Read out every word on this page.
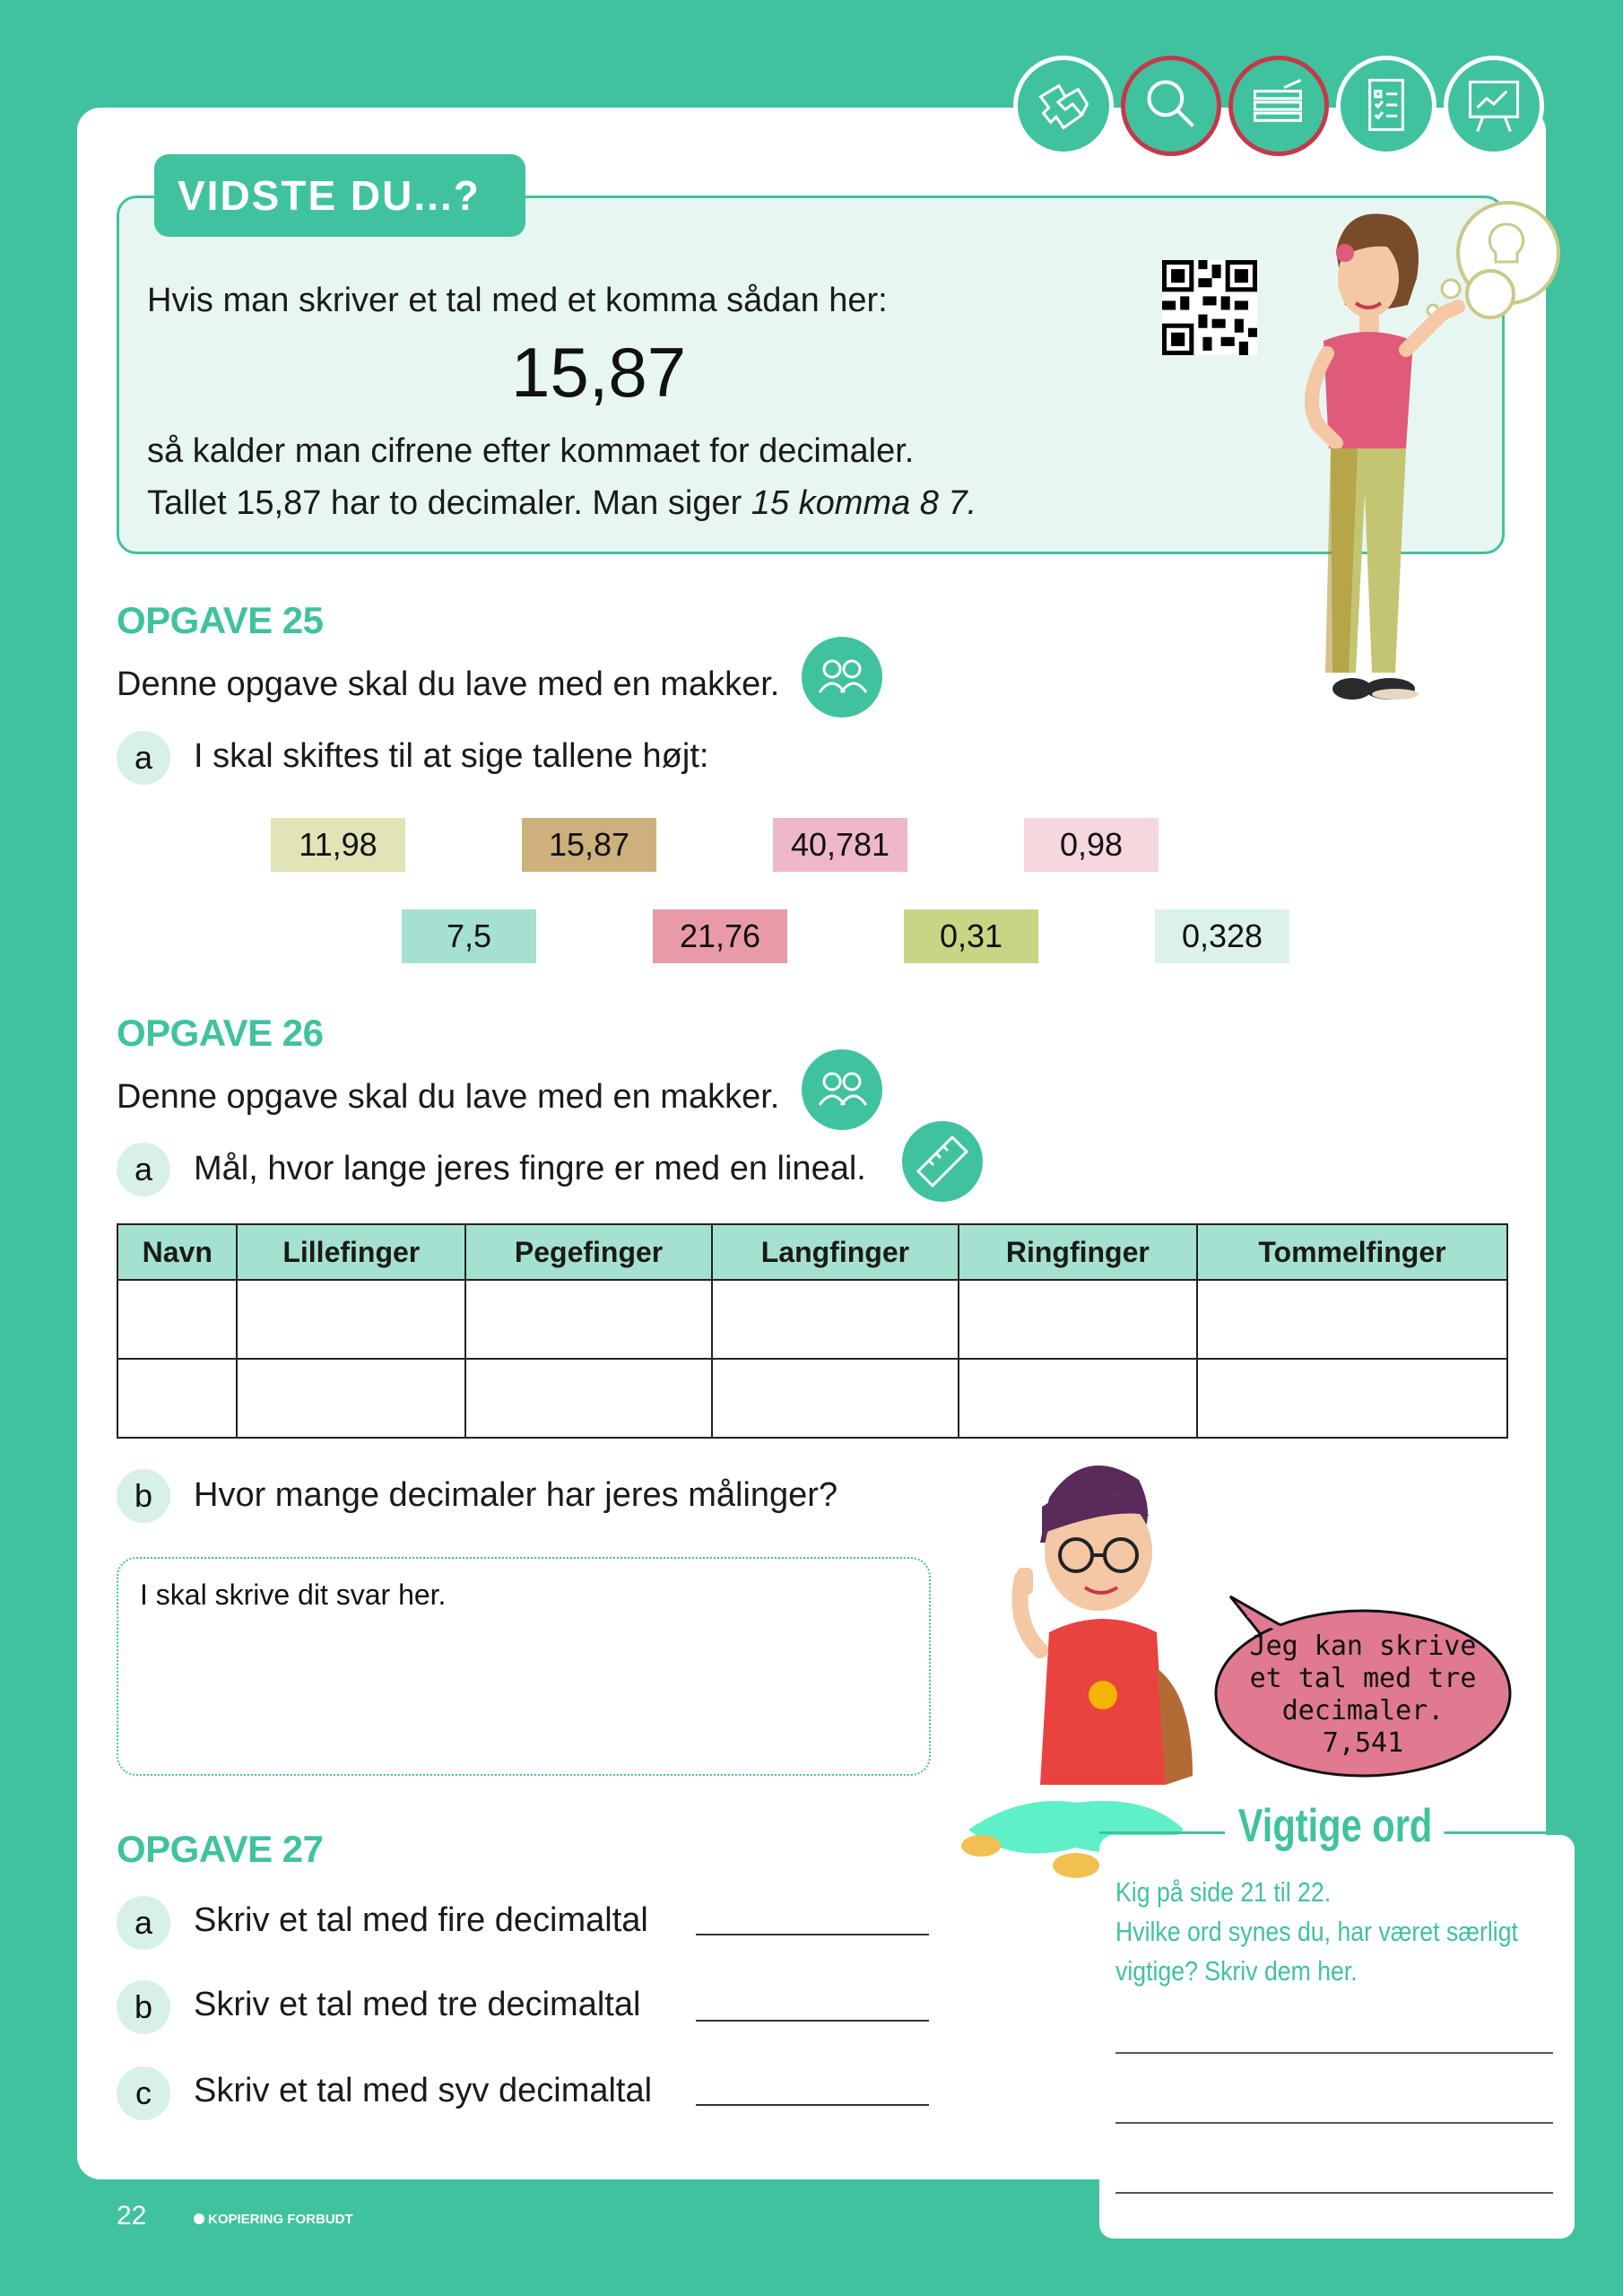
VIDSTE DU...?
Hvis man skriver et tal med et komma sådan her:
15,87
så kalder man cifrene efter kommaet for decimaler.
Tallet 15,87 har to decimaler. Man siger 15 komma 8 7.
OPGAVE 25
Denne opgave skal du lave med en makker.
a	I skal skiftes til at sige tallene højt:
11,98	15,87	40,781	0,98
7,5	21,76	0,31	0,328
OPGAVE 26
Denne opgave skal du lave med en makker.
a	Mål, hvor lange jeres fingre er med en lineal.
Navn	Lillefinger	Pegefinger	Langfinger	Ringfinger	Tommelfinger

b	Hvor mange decimaler har jeres målinger?
I skal skrive dit svar her.
Jeg kan skrive
et tal med tre
decimaler.
7,541
OPGAVE 27
a	Skriv et tal med fire decimaltal
b	Skriv et tal med tre decimaltal
c	Skriv et tal med syv decimaltal
Vigtige ord
Kig på side 21 til 22.
Hvilke ord synes du, har været særligt
vigtige? Skriv dem her.
22	KOPIERING FORBUDT
